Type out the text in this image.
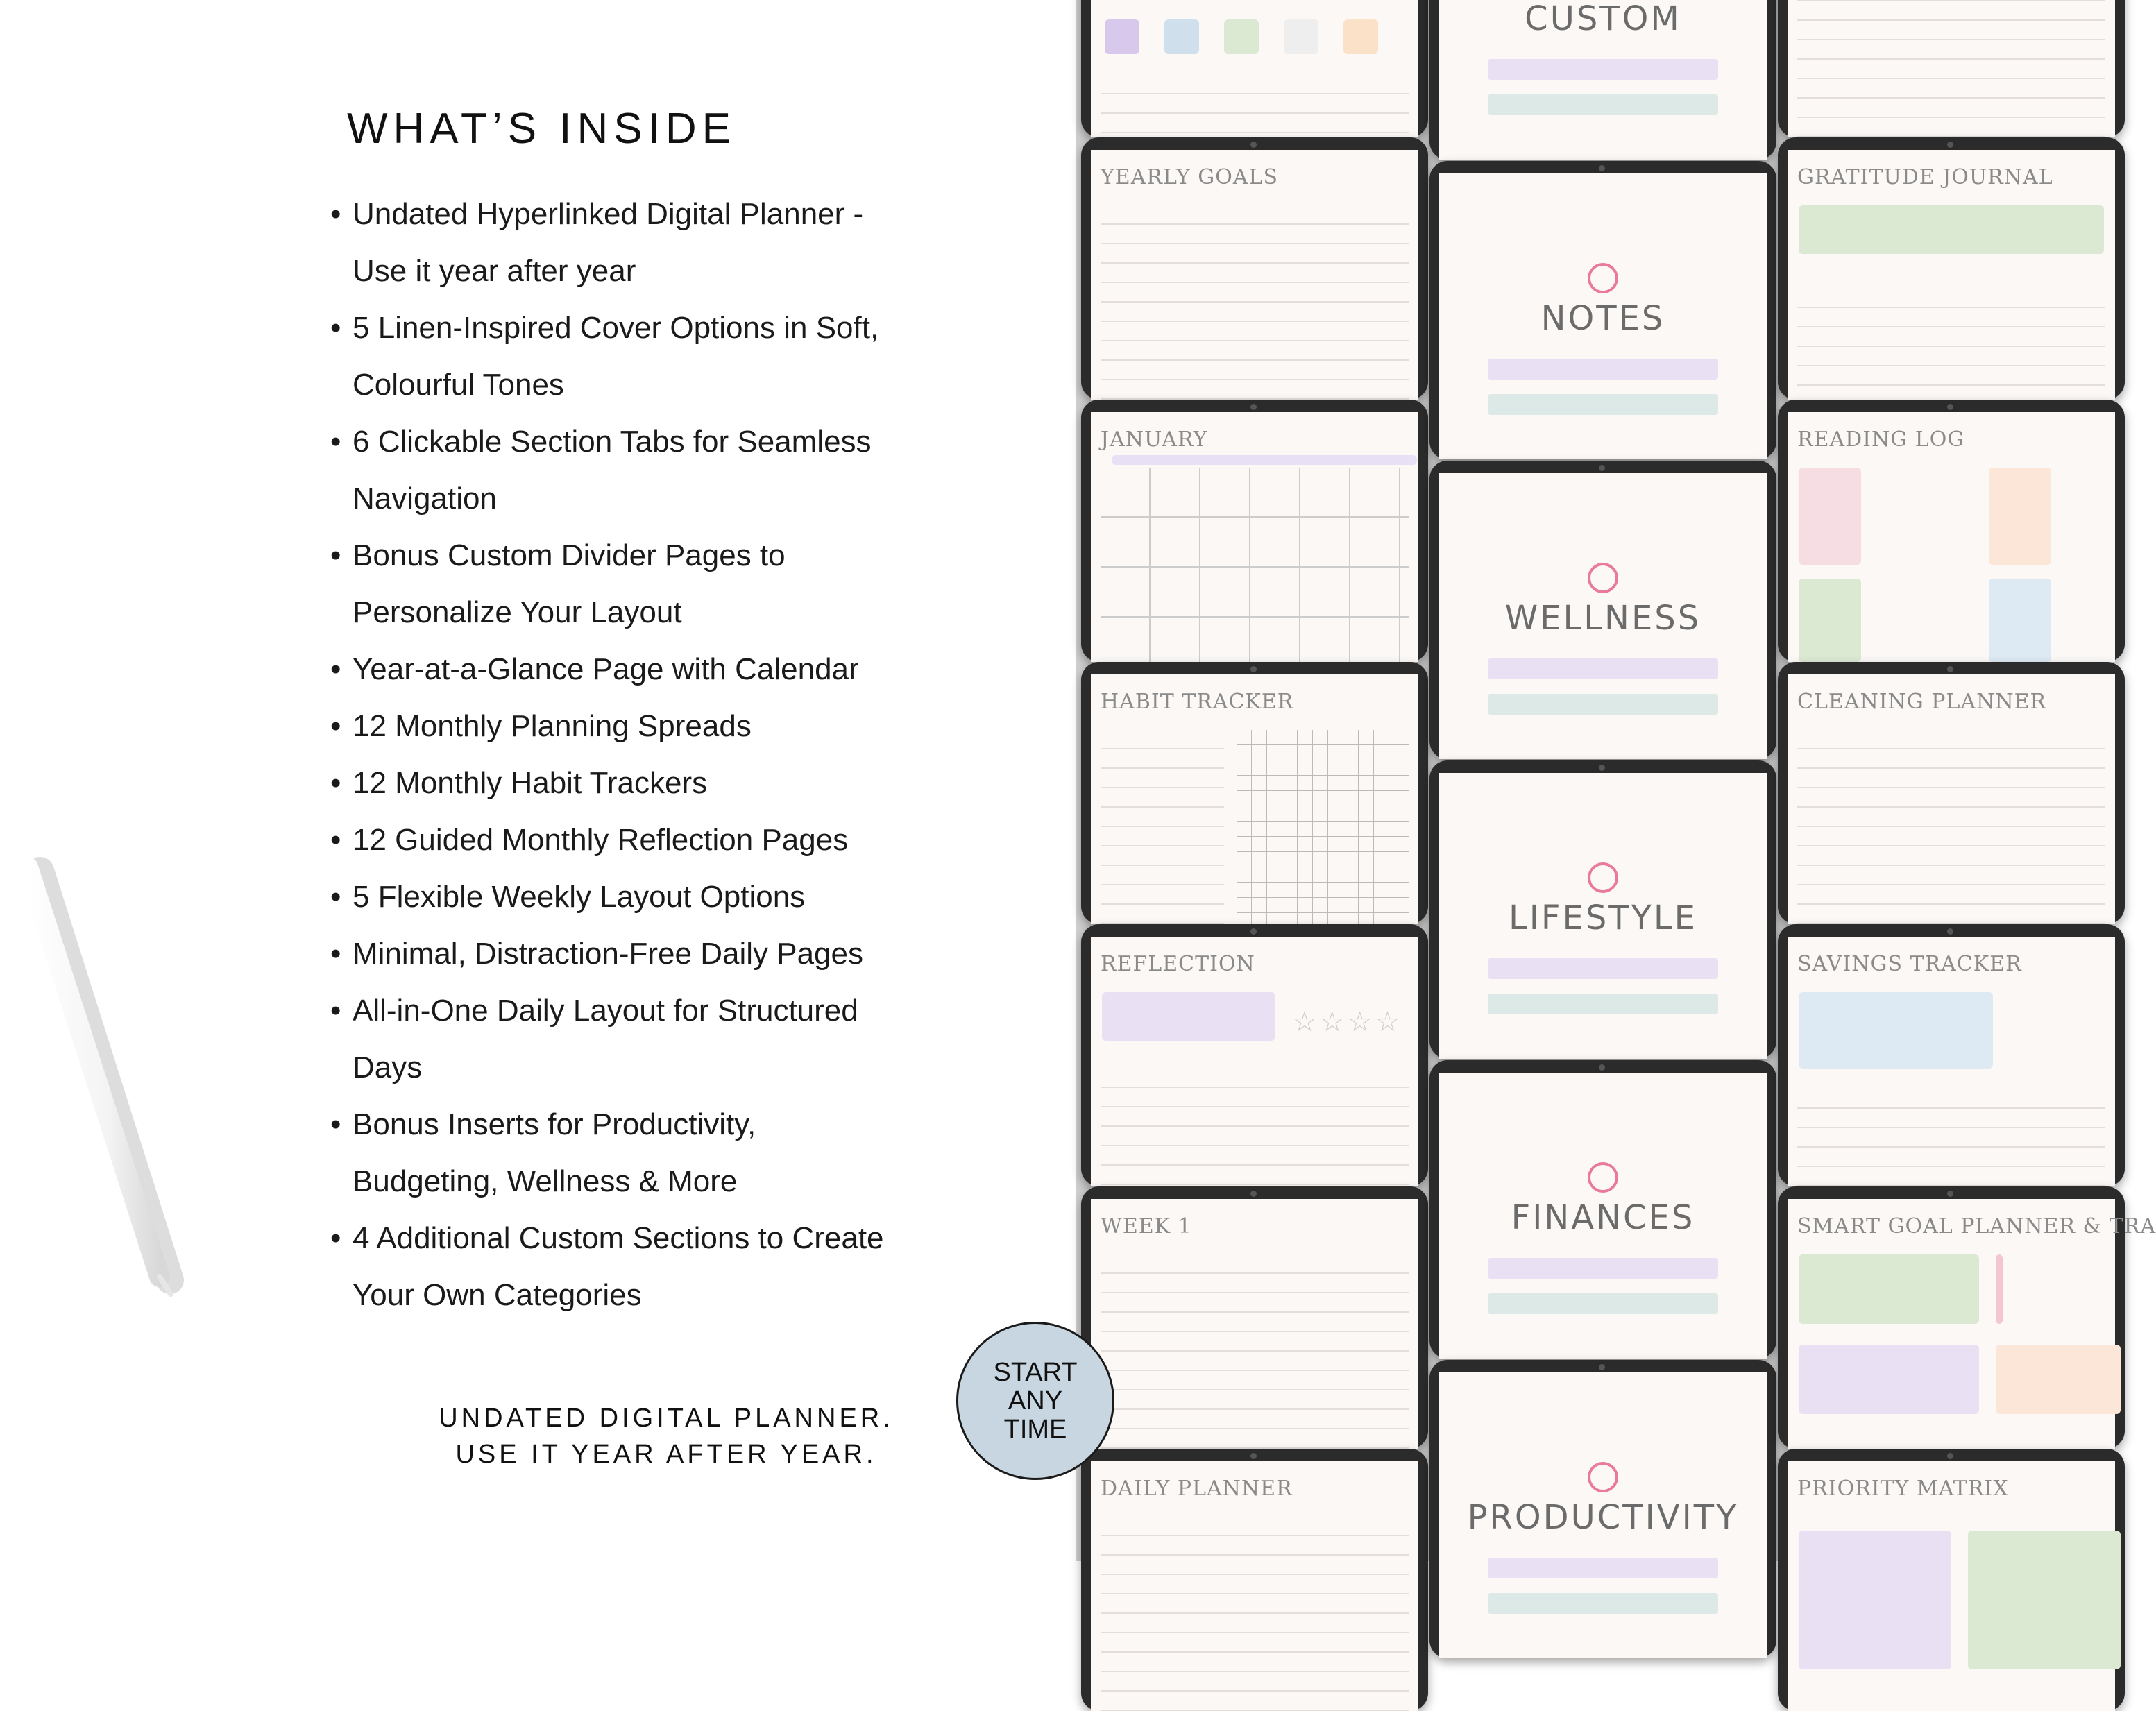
WHAT’S INSIDE
• Undated Hyperlinked Digital Planner -
Use it year after year
• 5 Linen-Inspired Cover Options in Soft,
Colourful Tones
• 6 Clickable Section Tabs for Seamless
Navigation
• Bonus Custom Divider Pages to
Personalize Your Layout
• Year-at-a-Glance Page with Calendar
• 12 Monthly Planning Spreads
• 12 Monthly Habit Trackers
• 12 Guided Monthly Reflection Pages
• 5 Flexible Weekly Layout Options
• Minimal, Distraction-Free Daily Pages
• All-in-One Daily Layout for Structured
Days
• Bonus Inserts for Productivity,
Budgeting, Wellness & More
• 4 Additional Custom Sections to Create
Your Own Categories
UNDATED DIGITAL PLANNER.
USE IT YEAR AFTER YEAR.
YEARLY GOALS
JANUARY
HABIT TRACKER
REFLECTION
☆☆☆☆
WEEK 1
DAILY PLANNER
CUSTOM
NOTES
WELLNESS
LIFESTYLE
FINANCES
PRODUCTIVITY
GRATITUDE JOURNAL
READING LOG
CLEANING PLANNER
SAVINGS TRACKER
SMART GOAL PLANNER & TRA
PRIORITY MATRIX
START
ANY
TIME
